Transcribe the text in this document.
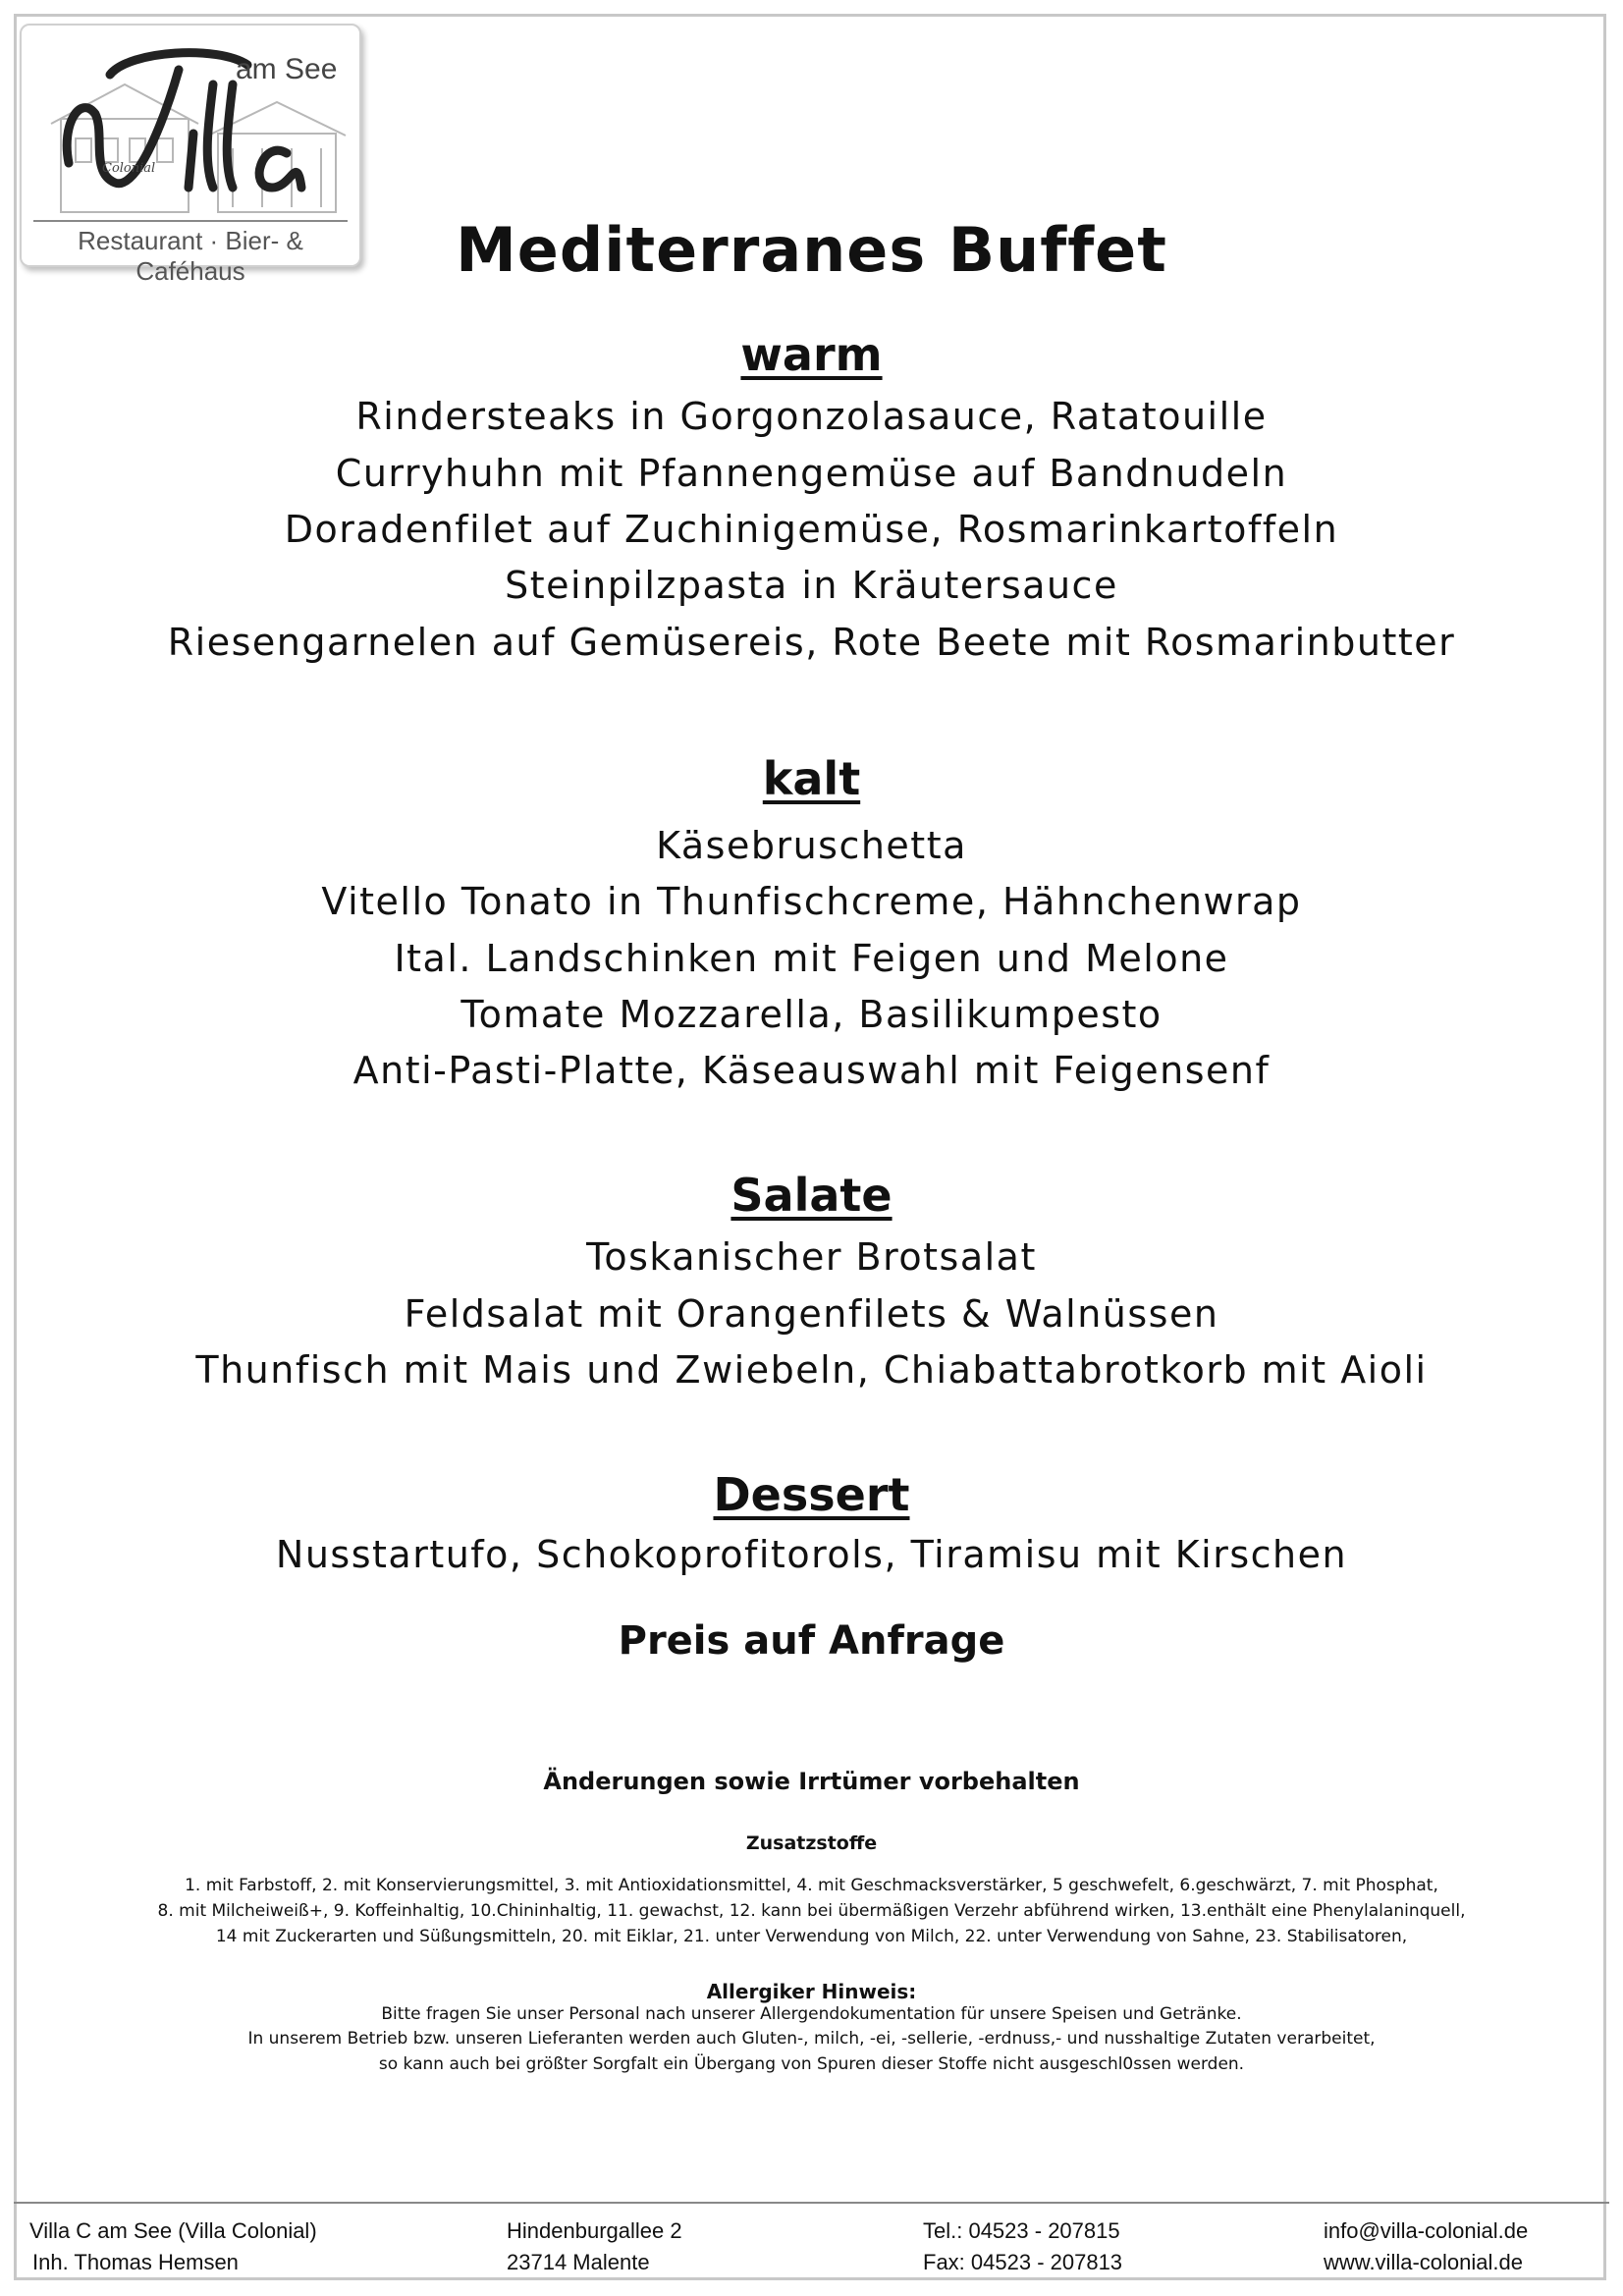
am See
Colonial
Restaurant · Bier- & Caféhaus	Mediterranes Buffet
warm
Rindersteaks in Gorgonzolasauce, Ratatouille
Curryhuhn mit Pfannengemüse auf Bandnudeln
Doradenfilet auf Zuchinigemüse, Rosmarinkartoffeln
Steinpilzpasta in Kräutersauce
Riesengarnelen auf Gemüsereis, Rote Beete mit Rosmarinbutter
kalt
Käsebruschetta
Vitello Tonato in Thunfischcreme, Hähnchenwrap
Ital. Landschinken mit Feigen und Melone
Tomate Mozzarella, Basilikumpesto
Anti-Pasti-Platte, Käseauswahl mit Feigensenf
Salate
Toskanischer Brotsalat
Feldsalat mit Orangenfilets & Walnüssen
Thunfisch mit Mais und Zwiebeln, Chiabattabrotkorb mit Aioli
Dessert
Nusstartufo, Schokoprofitorols, Tiramisu mit Kirschen
Preis auf Anfrage
Änderungen sowie Irrtümer vorbehalten
Zusatzstoffe
1. mit Farbstoff, 2. mit Konservierungsmittel, 3. mit Antioxidationsmittel, 4. mit Geschmacksverstärker, 5 geschwefelt, 6.geschwärzt, 7. mit Phosphat,
8. mit Milcheiweiß+, 9. Koffeinhaltig, 10.Chininhaltig, 11. gewachst, 12. kann bei übermäßigen Verzehr abführend wirken, 13.enthält eine Phenylalaninquell,
14 mit Zuckerarten und Süßungsmitteln, 20. mit Eiklar, 21. unter Verwendung von Milch, 22. unter Verwendung von Sahne, 23. Stabilisatoren,
Allergiker Hinweis:
Bitte fragen Sie unser Personal nach unserer Allergendokumentation für unsere Speisen und Getränke.
In unserem Betrieb bzw. unseren Lieferanten werden auch Gluten-, milch, -ei, -sellerie, -erdnuss,- und nusshaltige Zutaten verarbeitet,
so kann auch bei größter Sorgfalt ein Übergang von Spuren dieser Stoffe nicht ausgeschl0ssen werden.
Villa C am See (Villa Colonial)
Inh. Thomas Hemsen
Hindenburgallee 2
23714 Malente
Tel.: 04523 - 207815
Fax: 04523 - 207813
info@villa-colonial.de
www.villa-colonial.de
